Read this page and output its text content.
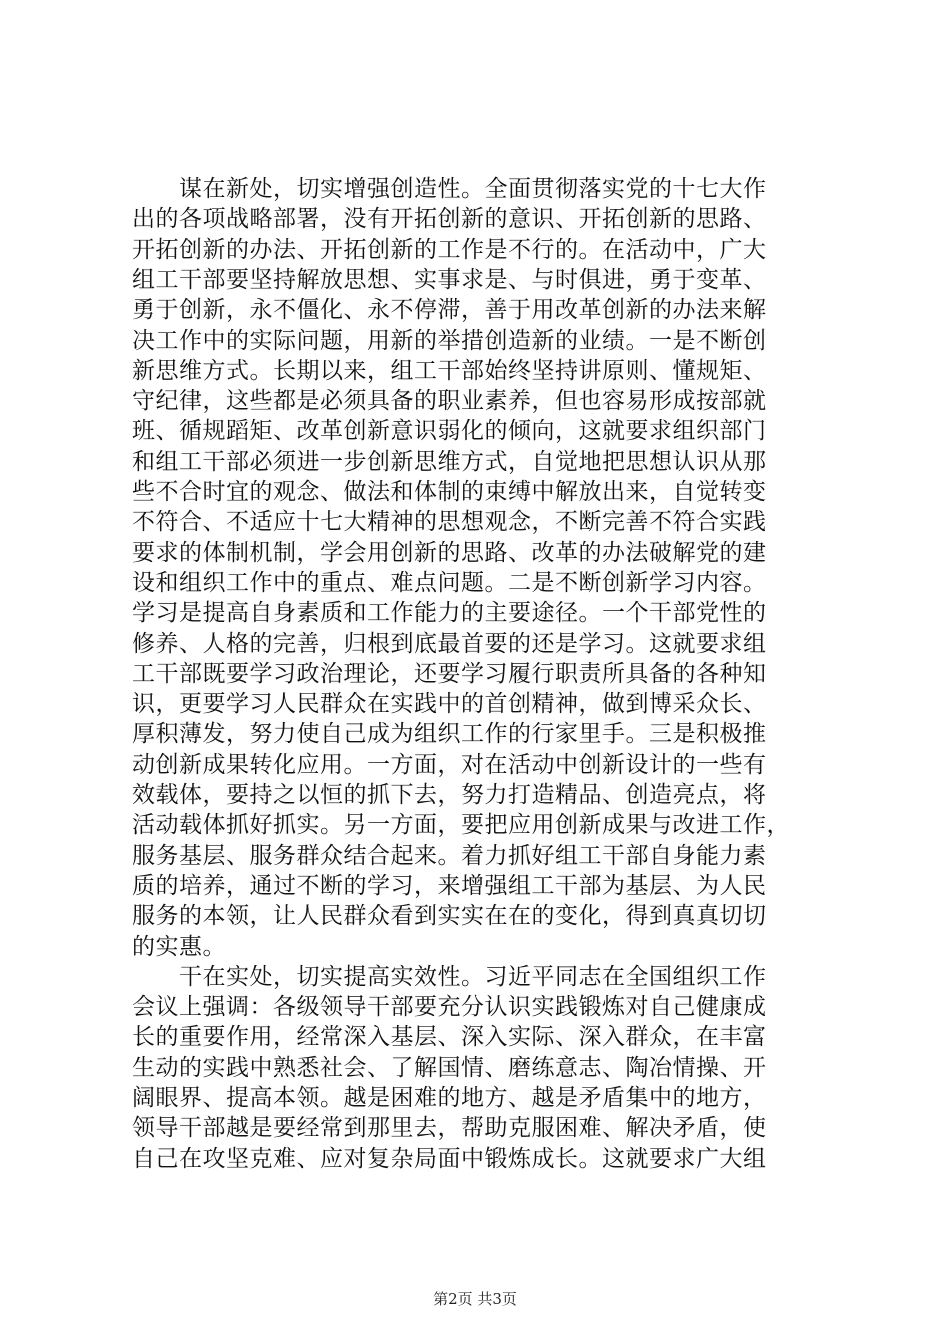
　　谋在新处，切实增强创造性。全面贯彻落实党的十七大作
出的各项战略部署，没有开拓创新的意识、开拓创新的思路、
开拓创新的办法、开拓创新的工作是不行的。在活动中，广大
组工干部要坚持解放思想、实事求是、与时俱进，勇于变革、
勇于创新，永不僵化、永不停滞，善于用改革创新的办法来解
决工作中的实际问题，用新的举措创造新的业绩。一是不断创
新思维方式。长期以来，组工干部始终坚持讲原则、懂规矩、
守纪律，这些都是必须具备的职业素养，但也容易形成按部就
班、循规蹈矩、改革创新意识弱化的倾向，这就要求组织部门
和组工干部必须进一步创新思维方式，自觉地把思想认识从那
些不合时宜的观念、做法和体制的束缚中解放出来，自觉转变
不符合、不适应十七大精神的思想观念，不断完善不符合实践
要求的体制机制，学会用创新的思路、改革的办法破解党的建
设和组织工作中的重点、难点问题。二是不断创新学习内容。
学习是提高自身素质和工作能力的主要途径。一个干部党性的
修养、人格的完善，归根到底最首要的还是学习。这就要求组
工干部既要学习政治理论，还要学习履行职责所具备的各种知
识，更要学习人民群众在实践中的首创精神，做到博采众长、
厚积薄发，努力使自己成为组织工作的行家里手。三是积极推
动创新成果转化应用。一方面，对在活动中创新设计的一些有
效载体，要持之以恒的抓下去，努力打造精品、创造亮点，将
活动载体抓好抓实。另一方面，要把应用创新成果与改进工作，
服务基层、服务群众结合起来。着力抓好组工干部自身能力素
质的培养，通过不断的学习，来增强组工干部为基层、为人民
服务的本领，让人民群众看到实实在在的变化，得到真真切切
的实惠。
　　干在实处，切实提高实效性。习近平同志在全国组织工作
会议上强调：各级领导干部要充分认识实践锻炼对自己健康成
长的重要作用，经常深入基层、深入实际、深入群众，在丰富
生动的实践中熟悉社会、了解国情、磨练意志、陶冶情操、开
阔眼界、提高本领。越是困难的地方、越是矛盾集中的地方，
领导干部越是要经常到那里去，帮助克服困难、解决矛盾，使
自己在攻坚克难、应对复杂局面中锻炼成长。这就要求广大组
第2页 共3页
